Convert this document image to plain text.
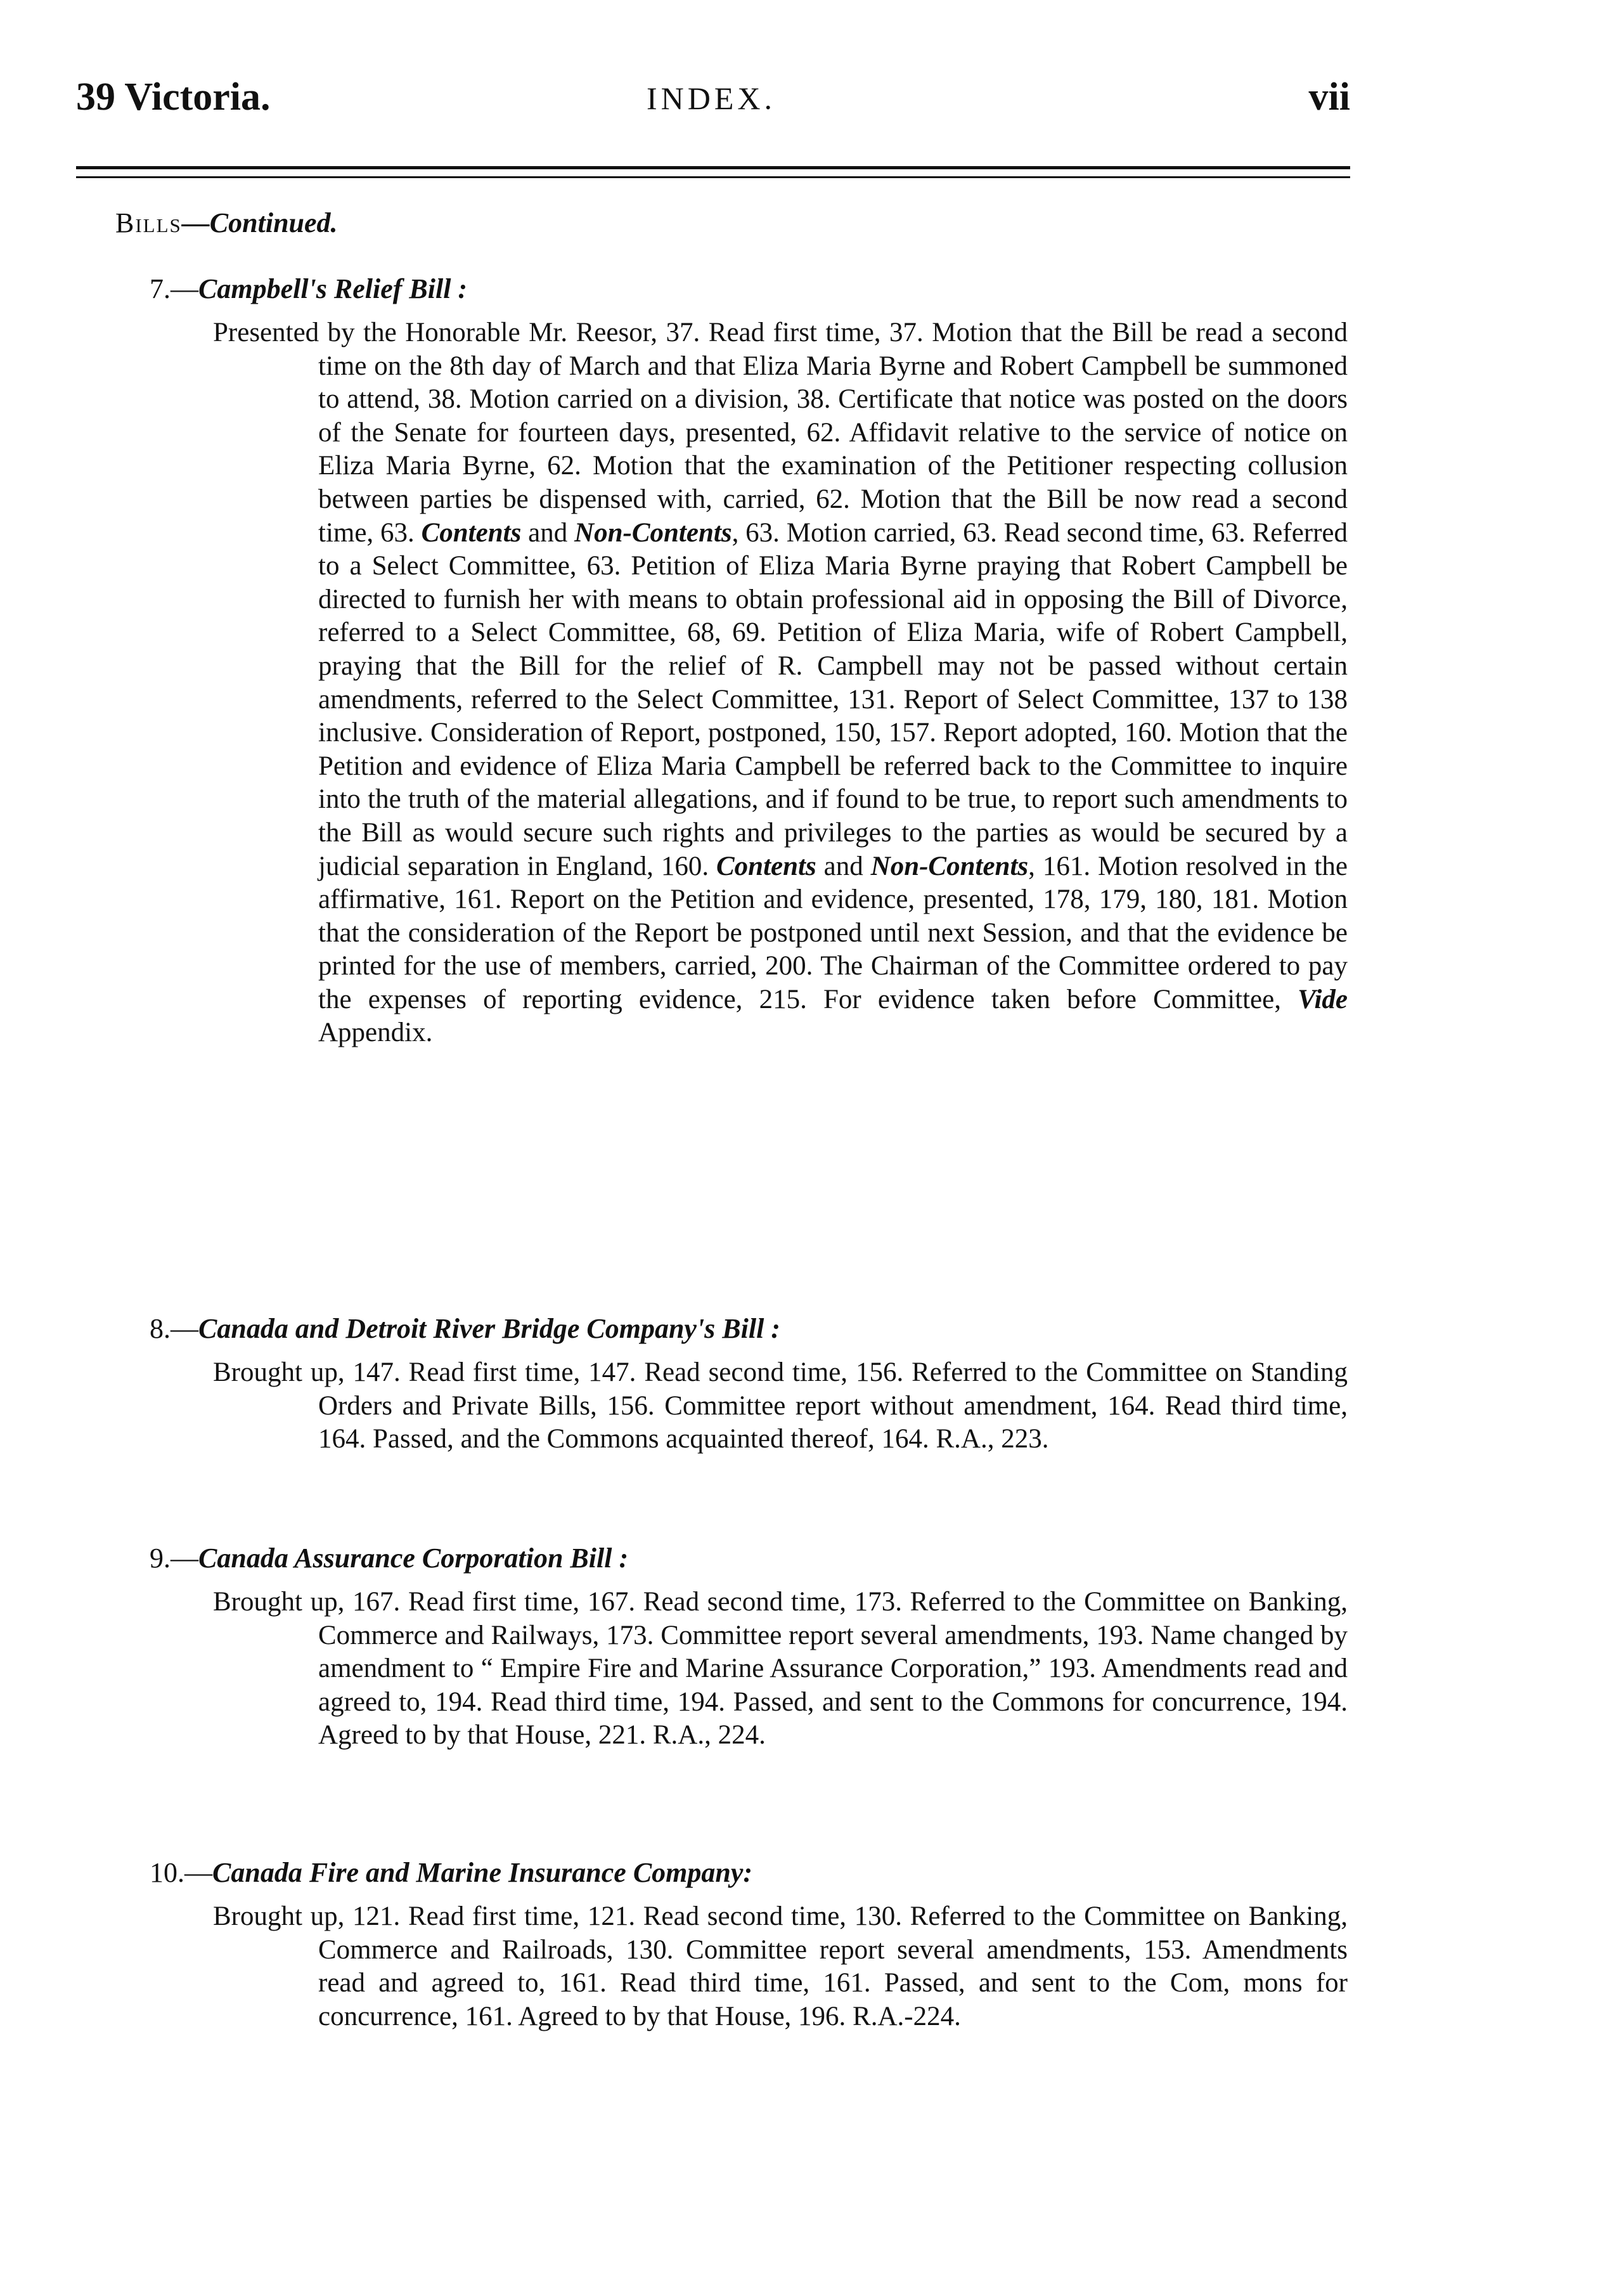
39 Victoria.	INDEX.	vii
Bills—Continued.
7.—Campbell's Relief Bill :
Presented by the Honorable Mr. Reesor, 37. Read first time, 37. Motion that the Bill be read a second time on the 8th day of March and that Eliza Maria Byrne and Robert Campbell be summoned to attend, 38. Motion carried on a division, 38. Certificate that notice was posted on the doors of the Senate for fourteen days, presented, 62. Affidavit relative to the service of notice on Eliza Maria Byrne, 62. Motion that the examination of the Petitioner respecting collusion between parties be dispensed with, carried, 62. Motion that the Bill be now read a second time, 63. Contents and Non-Contents, 63. Motion carried, 63. Read second time, 63. Referred to a Select Committee, 63. Petition of Eliza Maria Byrne praying that Robert Campbell be directed to furnish her with means to obtain professional aid in opposing the Bill of Divorce, referred to a Select Committee, 68, 69. Petition of Eliza Maria, wife of Robert Campbell, praying that the Bill for the relief of R. Campbell may not be passed without certain amendments, referred to the Select Committee, 131. Report of Select Committee, 137 to 138 inclusive. Consideration of Report, postponed, 150, 157. Report adopted, 160. Motion that the Petition and evidence of Eliza Maria Campbell be referred back to the Committee to inquire into the truth of the material allegations, and if found to be true, to report such amendments to the Bill as would secure such rights and privileges to the parties as would be secured by a judicial separation in England, 160. Contents and Non-Contents, 161. Motion resolved in the affirmative, 161. Report on the Petition and evidence, presented, 178, 179, 180, 181. Motion that the consideration of the Report be postponed until next Session, and that the evidence be printed for the use of members, carried, 200. The Chairman of the Committee ordered to pay the expenses of reporting evidence, 215. For evidence taken before Committee, Vide Appendix.
8.—Canada and Detroit River Bridge Company's Bill :
Brought up, 147. Read first time, 147. Read second time, 156. Referred to the Committee on Standing Orders and Private Bills, 156. Committee report without amendment, 164. Read third time, 164. Passed, and the Commons acquainted thereof, 164. R.A., 223.
9.—Canada Assurance Corporation Bill :
Brought up, 167. Read first time, 167. Read second time, 173. Referred to the Committee on Banking, Commerce and Railways, 173. Committee report several amendments, 193. Name changed by amendment to “ Empire Fire and Marine Assurance Corporation,” 193. Amendments read and agreed to, 194. Read third time, 194. Passed, and sent to the Commons for concurrence, 194. Agreed to by that House, 221. R.A., 224.
10.—Canada Fire and Marine Insurance Company:
Brought up, 121. Read first time, 121. Read second time, 130. Referred to the Committee on Banking, Commerce and Railroads, 130. Committee report several amendments, 153. Amendments read and agreed to, 161. Read third time, 161. Passed, and sent to the Com, mons for concurrence, 161. Agreed to by that House, 196. R.A.-224.
